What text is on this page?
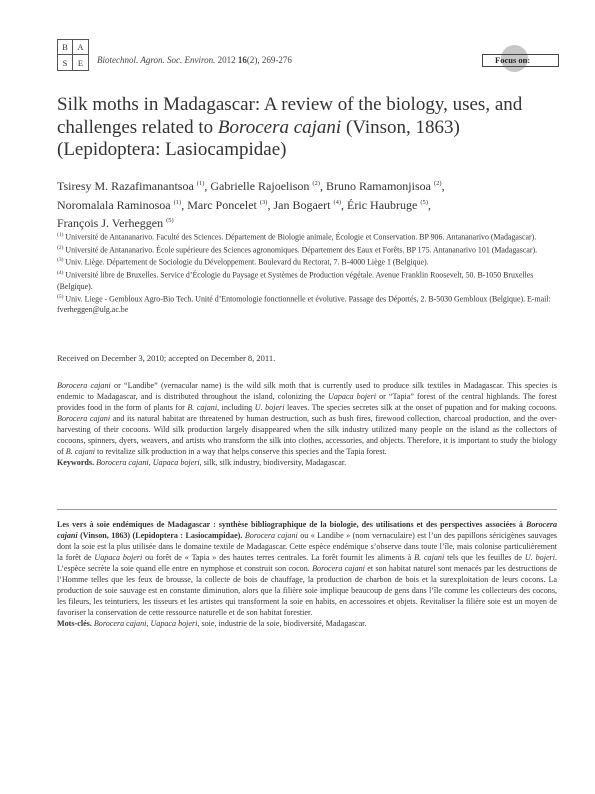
B	A
S	E	Biotechnol. Agron. Soc. Environ. 2012 16(2), 269-276	Focus on:
Silk moths in Madagascar: A review of the biology, uses, and challenges related to Borocera cajani (Vinson, 1863) (Lepidoptera: Lasiocampidae)
Tsiresy M. Razafimanantsoa $^{(1)}$, Gabrielle Rajoelison $^{(2)}$, Bruno Ramamonjisoa $^{(2)}$,
Noromalala Raminosoa $^{(1)}$, Marc Poncelet $^{(3)}$, Jan Bogaert $^{(4)}$, Éric Haubruge $^{(5)}$,
François J. Verheggen $^{(5)}$
$^{(1)}$ Université de Antananarivo. Faculté des Sciences. Département de Biologie animale, Écologie et Conservation. BP 906. Antananarivo (Madagascar).
$^{(2)}$ Université de Antananarivo. École supérieure des Sciences agronomiques. Département des Eaux et Forêts. BP 175. Antananarivo 101 (Madagascar).
$^{(3)}$ Univ. Liège. Département de Sociologie du Développement. Boulevard du Rectorat, 7. B-4000 Liège 1 (Belgique).
$^{(4)}$ Université libre de Bruxelles. Service d’Écologie du Paysage et Systèmes de Production végétale. Avenue Franklin Roosevelt, 50. B-1050 Bruxelles (Belgique).
$^{(5)}$ Univ. Liege - Gembloux Agro-Bio Tech. Unité d’Entomologie fonctionnelle et évolutive. Passage des Déportés, 2. B-5030 Gembloux (Belgique). E-mail: fverheggen@ulg.ac.be
Received on December 3, 2010; accepted on December 8, 2011.
Borocera cajani or “Landibe” (vernacular name) is the wild silk moth that is currently used to produce silk textiles in Madagascar. This species is endemic to Madagascar, and is distributed throughout the island, colonizing the Uapaca bojeri or “Tapia” forest of the central highlands. The forest provides food in the form of plants for B. cajani, including U. bojeri leaves. The species secretes silk at the onset of pupation and for making cocoons. Borocera cajani and its natural habitat are threatened by human destruction, such as bush fires, firewood collection, charcoal production, and the over-harvesting of their cocoons. Wild silk production largely disappeared when the silk industry utilized many people on the island as the collectors of cocoons, spinners, dyers, weavers, and artists who transform the silk into clothes, accessories, and objects. Therefore, it is important to study the biology of B. cajani to revitalize silk production in a way that helps conserve this species and the Tapia forest.
Keywords. Borocera cajani, Uapaca bojeri, silk, silk industry, biodiversity, Madagascar.
Les vers à soie endémiques de Madagascar : synthèse bibliographique de la biologie, des utilisations et des perspectives associées à Borocera cajani (Vinson, 1863) (Lepidoptera : Lasiocampidae). Borocera cajani ou « Landibe » (nom vernaculaire) est l’un des papillons séricigènes sauvages dont la soie est la plus utilisée dans le domaine textile de Madagascar. Cette espèce endémique s’observe dans toute l’île, mais colonise particulièrement la forêt de Uapaca bojeri ou forêt de « Tapia » des hautes terres centrales. La forêt fournit les aliments à B. cajani tels que les feuilles de U. bojeri. L’espèce secrète la soie quand elle entre en nymphose et construit son cocon. Borocera cajani et son habitat naturel sont menacés par les destructions de l’Homme telles que les feux de brousse, la collecte de bois de chauffage, la production de charbon de bois et la surexploitation de leurs cocons. La production de soie sauvage est en constante diminution, alors que la filière soie implique beaucoup de gens dans l’île comme les collecteurs des cocons, les fileurs, les teinturiers, les tisseurs et les artistes qui transforment la soie en habits, en accessoires et objets. Revitaliser la filière soie est un moyen de favoriser la conservation de cette ressource naturelle et de son habitat forestier.
Mots-clés. Borocera cajani, Uapaca bojeri, soie, industrie de la soie, biodiversité, Madagascar.
